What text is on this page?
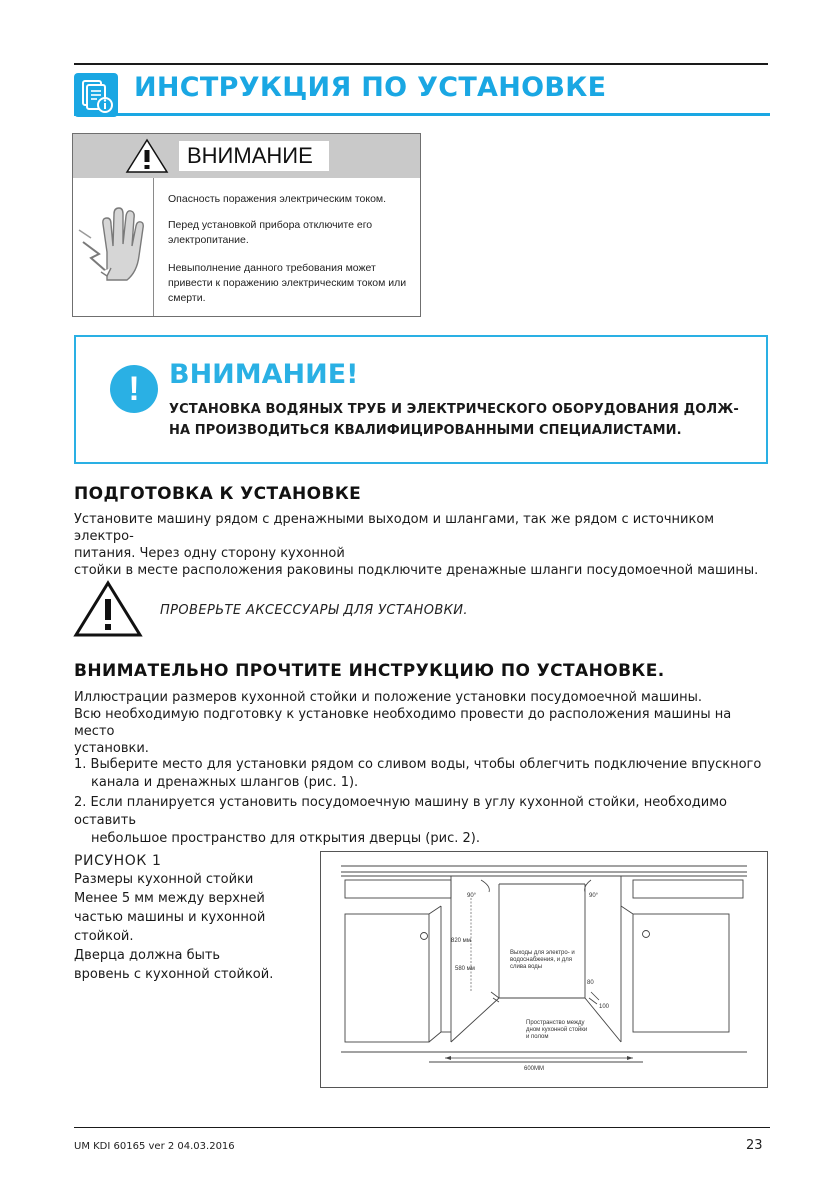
ИНСТРУКЦИЯ ПО УСТАНОВКЕ
ВНИМАНИЕ
Опасность поражения электрическим током.
Перед установкой прибора отключите его электропитание.
Невыполнение данного требования может привести к поражению электрическим током или смерти.
!	ВНИМАНИЕ!
УСТАНОВКА ВОДЯНЫХ ТРУБ И ЭЛЕКТРИЧЕСКОГО ОБОРУДОВАНИЯ ДОЛЖ-
НА ПРОИЗВОДИТЬСЯ КВАЛИФИЦИРОВАННЫМИ СПЕЦИАЛИСТАМИ.
ПОДГОТОВКА К УСТАНОВКЕ
Установите машину рядом с дренажными выходом и шлангами, так же рядом с источником электро-
питания. Через одну сторону кухонной
стойки в месте расположения раковины подключите дренажные шланги посудомоечной машины.
ПРОВЕРЬТЕ АКСЕССУАРЫ ДЛЯ УСТАНОВКИ.
ВНИМАТЕЛЬНО ПРОЧТИТЕ ИНСТРУКЦИЮ ПО УСТАНОВКЕ.
Иллюстрации размеров кухонной стойки и положение установки посудомоечной машины.
Всю необходимую подготовку к установке необходимо провести до расположения машины на место
установки.
1. Выберите место для установки рядом со сливом воды, чтобы облегчить подключение впускного
канала и дренажных шлангов (рис. 1).
2. Если планируется установить посудомоечную машину в углу кухонной стойки, необходимо оставить
небольшое пространство для открытия дверцы (рис. 2).
РИСУНОК 1
Размеры кухонной стойки
Менее 5 мм между верхней
частью машины и кухонной
стойкой.
Дверца должна быть
вровень с кухонной стойкой.
90°	90°
820 мм
580 мм
Выходы для электро- и
водоснабжения, и для
слива воды
80
100
Пространство между
дном кухонной стойки
и полом
600MM
UM KDI 60165 ver 2 04.03.2016	23
